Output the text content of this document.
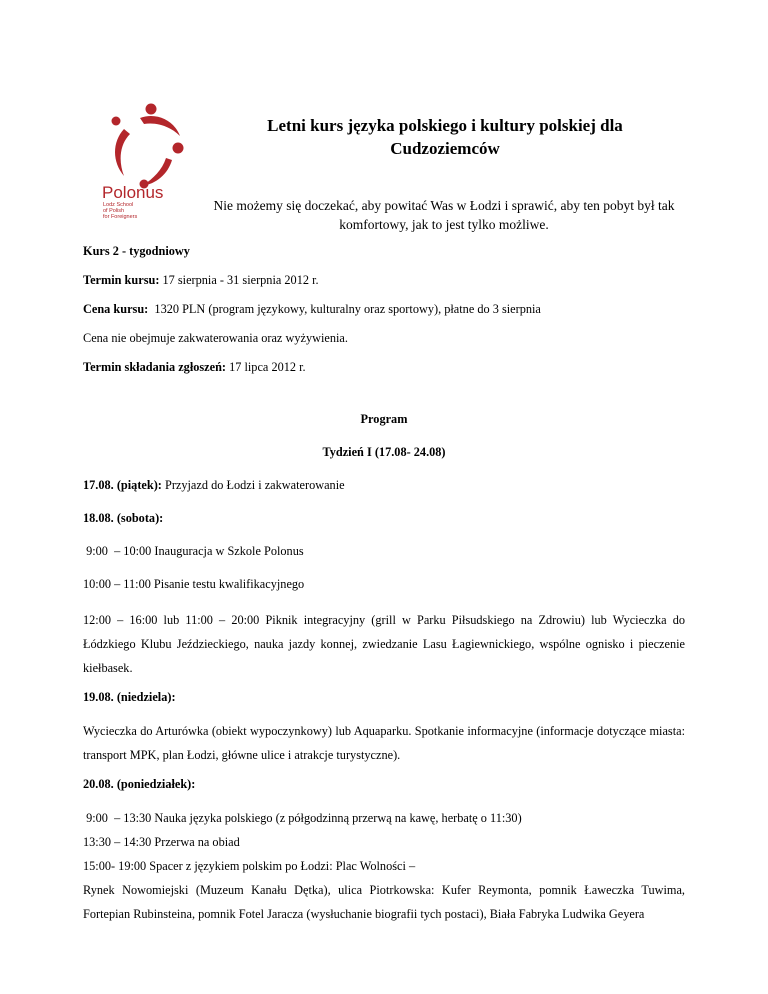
Polonus
Lodz School
of Polish
for Foreigners
Letni kurs języka polskiego i kultury polskiej dla Cudzoziemców
Nie możemy się doczekać, aby powitać Was w Łodzi i sprawić, aby ten pobyt był tak komfortowy, jak to jest tylko możliwe.

Kurs 2 - tygodniowy

Termin kursu: 17 sierpnia - 31 sierpnia 2012 r.

Cena kursu:  1320 PLN (program językowy, kulturalny oraz sportowy), płatne do 3 sierpnia

Cena nie obejmuje zakwaterowania oraz wyżywienia.

Termin składania zgłoszeń: 17 lipca 2012 r.

Program

Tydzień I (17.08- 24.08)

17.08. (piątek): Przyjazd do Łodzi i zakwaterowanie

18.08. (sobota):

9:00  – 10:00 Inauguracja w Szkole Polonus

10:00 – 11:00 Pisanie testu kwalifikacyjnego

12:00 – 16:00 lub 11:00 – 20:00 Piknik integracyjny (grill w Parku Piłsudskiego na Zdrowiu) lub Wycieczka do Łódzkiego Klubu Jeździeckiego, nauka jazdy konnej, zwiedzanie Lasu Łagiewnickiego, wspólne ognisko i pieczenie kiełbasek.

19.08. (niedziela):

Wycieczka do Arturówka (obiekt wypoczynkowy) lub Aquaparku. Spotkanie informacyjne (informacje dotyczące miasta: transport MPK, plan Łodzi, główne ulice i atrakcje turystyczne).

20.08. (poniedziałek):

9:00  – 13:30 Nauka języka polskiego (z półgodzinną przerwą na kawę, herbatę o 11:30)

13:30 – 14:30 Przerwa na obiad

15:00- 19:00 Spacer z językiem polskim po Łodzi: Plac Wolności –

Rynek Nowomiejski (Muzeum Kanału Dętka), ulica Piotrkowska: Kufer Reymonta, pomnik Ławeczka Tuwima, Fortepian Rubinsteina, pomnik Fotel Jaracza (wysłuchanie biografii tych postaci), Biała Fabryka Ludwika Geyera
